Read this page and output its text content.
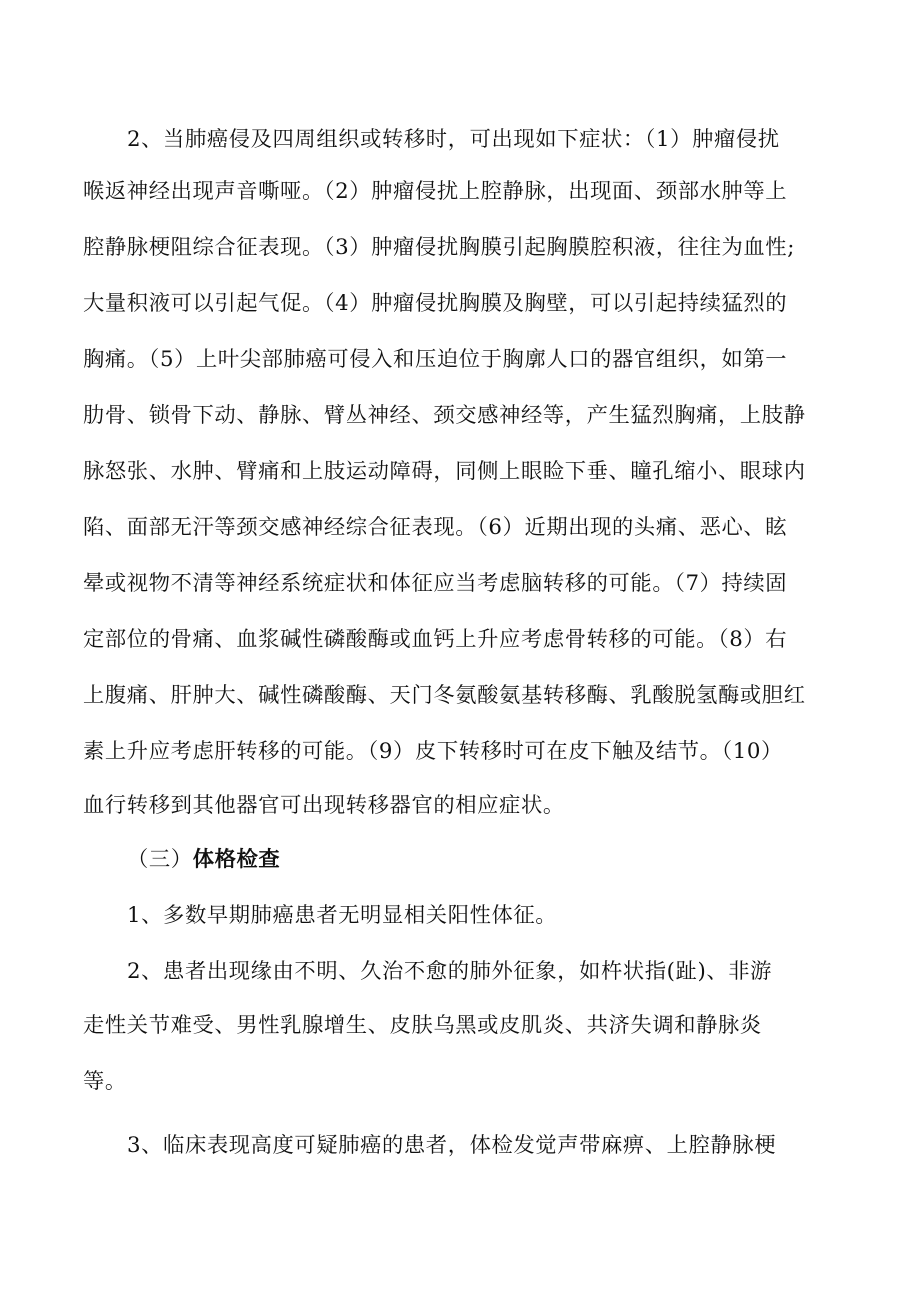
2、当肺癌侵及四周组织或转移时，可出现如下症状：（1）肿瘤侵扰
喉返神经出现声音嘶哑。（2）肿瘤侵扰上腔静脉，出现面、颈部水肿等上
腔静脉梗阻综合征表现。（3）肿瘤侵扰胸膜引起胸膜腔积液，往往为血性;
大量积液可以引起气促。（4）肿瘤侵扰胸膜及胸壁，可以引起持续猛烈的
胸痛。（5）上叶尖部肺癌可侵入和压迫位于胸廓人口的器官组织，如第一
肋骨、锁骨下动、静脉、臂丛神经、颈交感神经等，产生猛烈胸痛，上肢静
脉怒张、水肿、臂痛和上肢运动障碍，同侧上眼睑下垂、瞳孔缩小、眼球内
陷、面部无汗等颈交感神经综合征表现。（6）近期出现的头痛、恶心、眩
晕或视物不清等神经系统症状和体征应当考虑脑转移的可能。（7）持续固
定部位的骨痛、血浆碱性磷酸酶或血钙上升应考虑骨转移的可能。（8）右
上腹痛、肝肿大、碱性磷酸酶、天门冬氨酸氨基转移酶、乳酸脱氢酶或胆红
素上升应考虑肝转移的可能。（9）皮下转移时可在皮下触及结节。（10）
血行转移到其他器官可出现转移器官的相应症状。
（三）体格检查
1、多数早期肺癌患者无明显相关阳性体征。
2、患者出现缘由不明、久治不愈的肺外征象，如杵状指(趾)、非游
走性关节难受、男性乳腺增生、皮肤乌黑或皮肌炎、共济失调和静脉炎
等。
3、临床表现高度可疑肺癌的患者，体检发觉声带麻痹、上腔静脉梗
